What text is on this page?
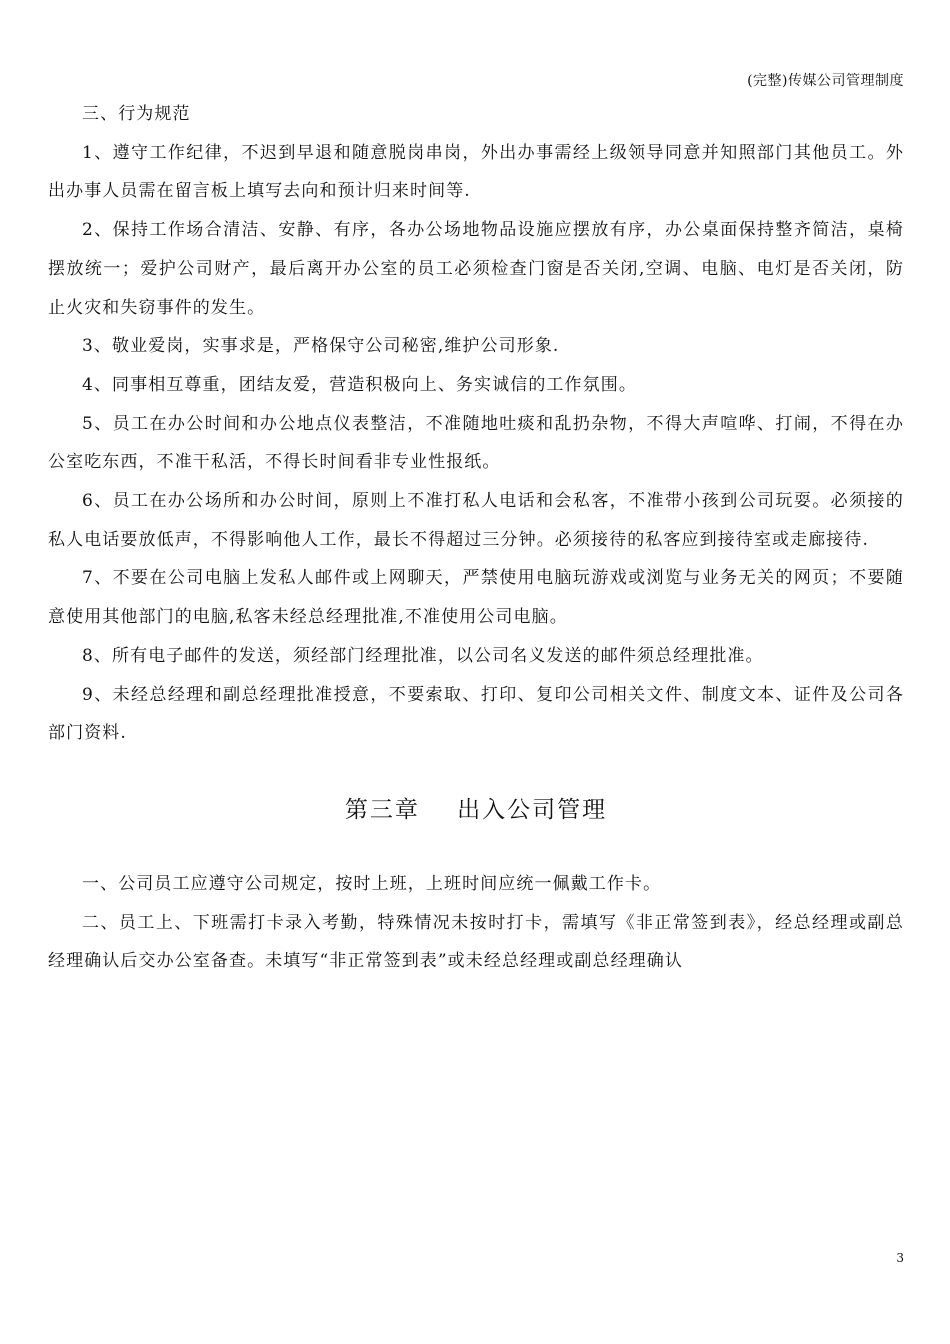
(完整)传媒公司管理制度

三、行为规范

1、遵守工作纪律，不迟到早退和随意脱岗串岗，外出办事需经上级领导同意并知照部门其他员工。外出办事人员需在留言板上填写去向和预计归来时间等.

2、保持工作场合清洁、安静、有序，各办公场地物品设施应摆放有序，办公桌面保持整齐简洁，桌椅摆放统一；爱护公司财产，最后离开办公室的员工必须检查门窗是否关闭,空调、电脑、电灯是否关闭，防止火灾和失窃事件的发生。

3、敬业爱岗，实事求是，严格保守公司秘密,维护公司形象.

4、同事相互尊重，团结友爱，营造积极向上、务实诚信的工作氛围。

5、员工在办公时间和办公地点仪表整洁，不准随地吐痰和乱扔杂物，不得大声喧哗、打闹，不得在办公室吃东西，不准干私活，不得长时间看非专业性报纸。

6、员工在办公场所和办公时间，原则上不准打私人电话和会私客，不准带小孩到公司玩耍。必须接的私人电话要放低声，不得影响他人工作，最长不得超过三分钟。必须接待的私客应到接待室或走廊接待.

7、不要在公司电脑上发私人邮件或上网聊天，严禁使用电脑玩游戏或浏览与业务无关的网页；不要随意使用其他部门的电脑,私客未经总经理批准,不准使用公司电脑。

8、所有电子邮件的发送，须经部门经理批准，以公司名义发送的邮件须总经理批准。

9、未经总经理和副总经理批准授意，不要索取、打印、复印公司相关文件、制度文本、证件及公司各部门资料.

第三章    出入公司管理

一、公司员工应遵守公司规定，按时上班，上班时间应统一佩戴工作卡。

二、员工上、下班需打卡录入考勤，特殊情况未按时打卡，需填写《非正常签到表》，经总经理或副总经理确认后交办公室备查。未填写“非正常签到表”或未经总经理或副总经理确认

3
